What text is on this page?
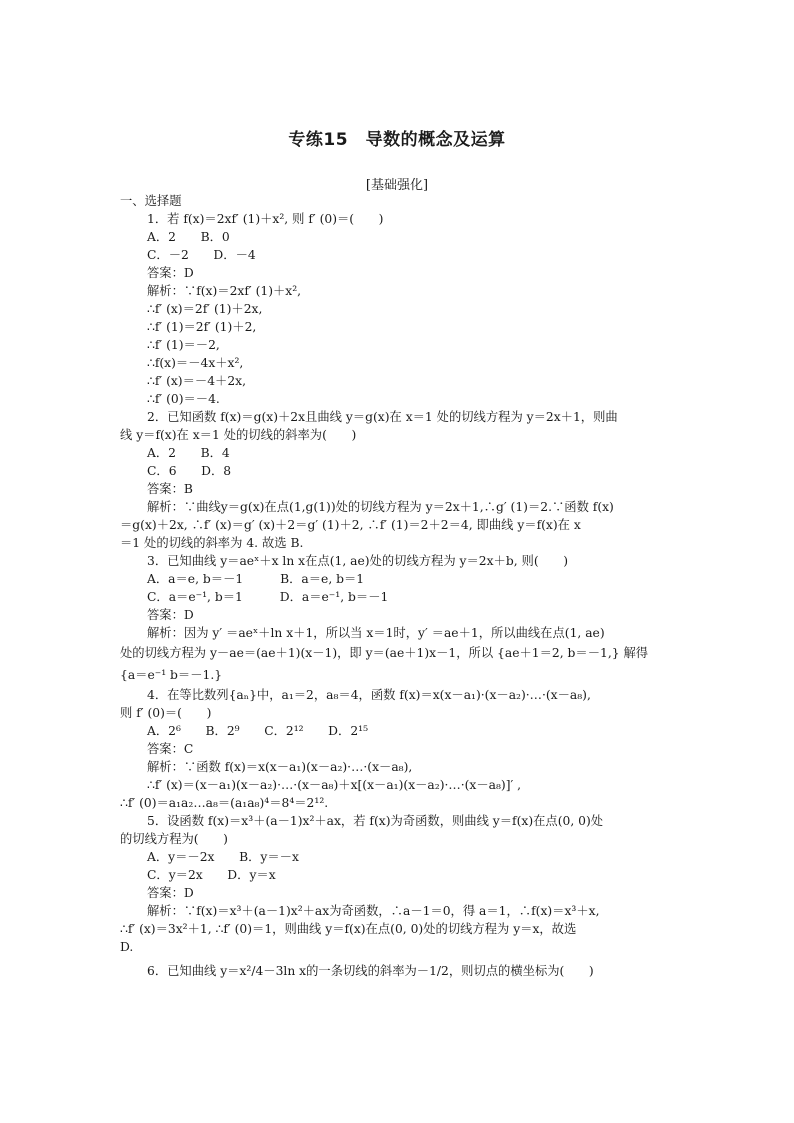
专练15　导数的概念及运算
[基础强化]
一、选择题
1．若 f(x)＝2xf′ (1)＋x², 则 f′ (0)＝(　　)
A．2　　B．0
C．－2　　D．－4
答案：D
解析：∵f(x)＝2xf′ (1)＋x²,
∴f′ (x)＝2f′ (1)＋2x,
∴f′ (1)＝2f′ (1)＋2,
∴f′ (1)＝－2,
∴f(x)＝－4x＋x²,
∴f′ (x)＝－4＋2x,
∴f′ (0)＝－4.
2．已知函数 f(x)＝g(x)＋2x且曲线 y＝g(x)在 x＝1 处的切线方程为 y＝2x＋1，则曲
线 y＝f(x)在 x＝1 处的切线的斜率为(　　)
A．2　　B．4
C．6　　D．8
答案：B
解析：∵曲线y＝g(x)在点(1,g(1))处的切线方程为 y＝2x＋1,∴g′ (1)＝2.∵函数 f(x)
＝g(x)＋2x, ∴f′ (x)＝g′ (x)＋2＝g′ (1)＋2, ∴f′ (1)＝2＋2＝4, 即曲线 y＝f(x)在 x
＝1 处的切线的斜率为 4. 故选 B.
3．已知曲线 y＝aeˣ＋x ln x在点(1, ae)处的切线方程为 y＝2x＋b, 则(　　)
A．a＝e, b＝－1　　　B．a＝e, b＝1
C．a＝e⁻¹, b＝1　　　D．a＝e⁻¹, b＝－1
答案：D
解析：因为 y′ ＝aeˣ＋ln x＋1，所以当 x＝1时，y′ ＝ae＋1，所以曲线在点(1, ae)
处的切线方程为 y－ae＝(ae＋1)(x－1)，即 y＝(ae＋1)x－1，所以 {ae＋1＝2, b＝－1,} 解得
{a＝e⁻¹ b＝－1.}
4．在等比数列{aₙ}中，a₁＝2，a₈＝4，函数 f(x)＝x(x－a₁)·(x－a₂)·…·(x－a₈),
则 f′ (0)＝(　　)
A．2⁶　　B．2⁹　　C．2¹²　　D．2¹⁵
答案：C
解析：∵函数 f(x)＝x(x－a₁)(x－a₂)·…·(x－a₈),
∴f′ (x)＝(x－a₁)(x－a₂)·…·(x－a₈)＋x[(x－a₁)(x－a₂)·…·(x－a₈)]′ ,
∴f′ (0)＝a₁a₂…a₈＝(a₁a₈)⁴＝8⁴＝2¹².
5．设函数 f(x)＝x³＋(a－1)x²＋ax，若 f(x)为奇函数，则曲线 y＝f(x)在点(0, 0)处
的切线方程为(　　)
A．y＝－2x　　B．y＝－x
C．y＝2x　　D．y＝x
答案：D
解析：∵f(x)＝x³＋(a－1)x²＋ax为奇函数，∴a－1＝0，得 a＝1，∴f(x)＝x³＋x,
∴f′ (x)＝3x²＋1, ∴f′ (0)＝1，则曲线 y＝f(x)在点(0, 0)处的切线方程为 y＝x，故选
D.
6．已知曲线 y＝x²/4－3ln x的一条切线的斜率为－1/2，则切点的横坐标为(　　)
